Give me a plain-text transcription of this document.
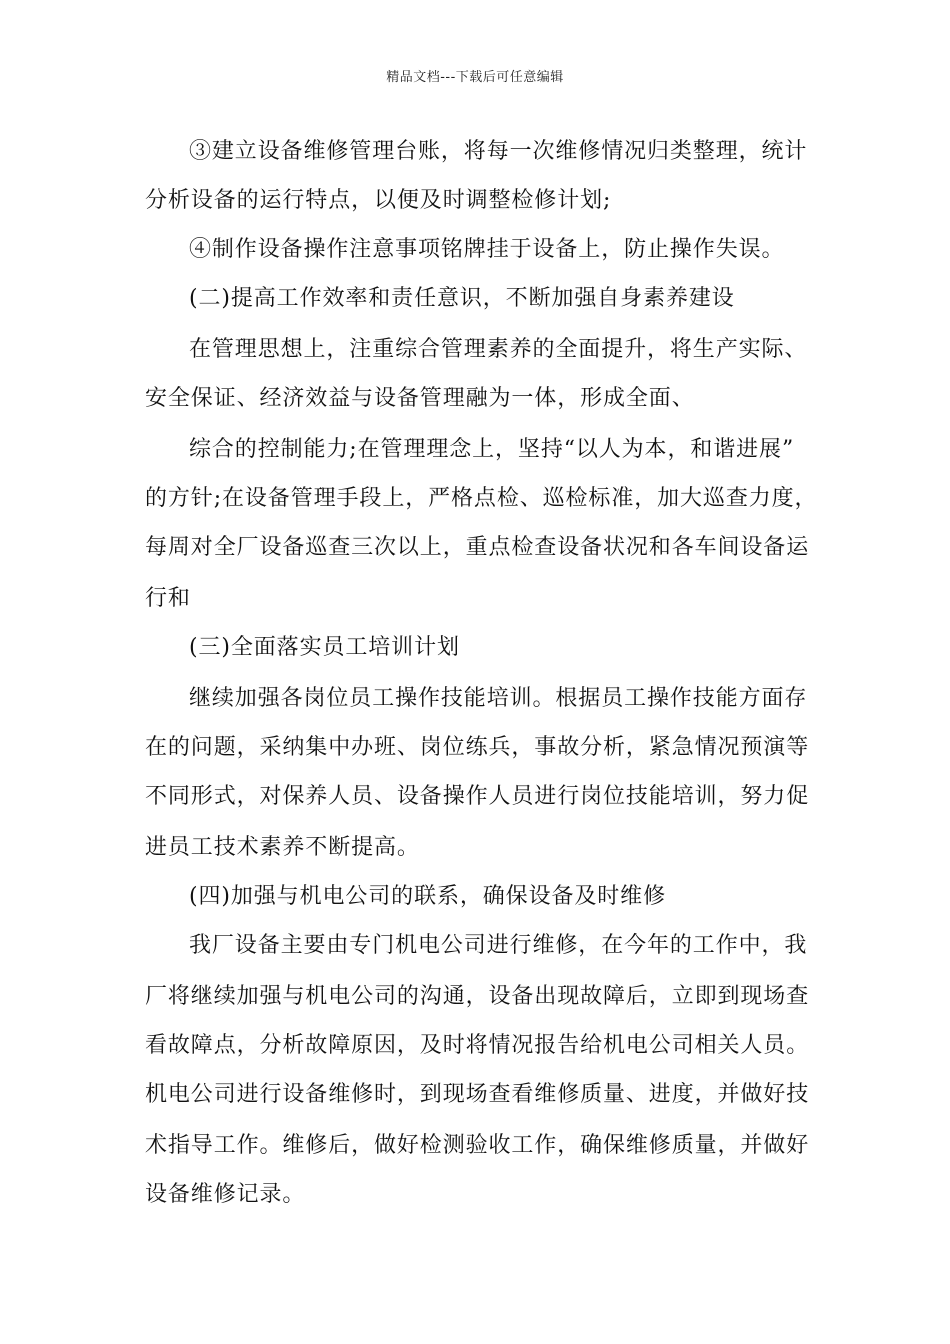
精品文档---下载后可任意编辑
③建立设备维修管理台账，将每一次维修情况归类整理，统计
分析设备的运行特点，以便及时调整检修计划;
④制作设备操作注意事项铭牌挂于设备上，防止操作失误。
(二)提高工作效率和责任意识，不断加强自身素养建设
在管理思想上，注重综合管理素养的全面提升，将生产实际、
安全保证、经济效益与设备管理融为一体，形成全面、
综合的控制能力;在管理理念上，坚持“以人为本，和谐进展”
的方针;在设备管理手段上，严格点检、巡检标准，加大巡查力度，
每周对全厂设备巡查三次以上，重点检查设备状况和各车间设备运
行和
(三)全面落实员工培训计划
继续加强各岗位员工操作技能培训。根据员工操作技能方面存
在的问题，采纳集中办班、岗位练兵，事故分析，紧急情况预演等
不同形式，对保养人员、设备操作人员进行岗位技能培训，努力促
进员工技术素养不断提高。
(四)加强与机电公司的联系，确保设备及时维修
我厂设备主要由专门机电公司进行维修，在今年的工作中，我
厂将继续加强与机电公司的沟通，设备出现故障后，立即到现场查
看故障点，分析故障原因，及时将情况报告给机电公司相关人员。
机电公司进行设备维修时，到现场查看维修质量、进度，并做好技
术指导工作。维修后，做好检测验收工作，确保维修质量，并做好
设备维修记录。
